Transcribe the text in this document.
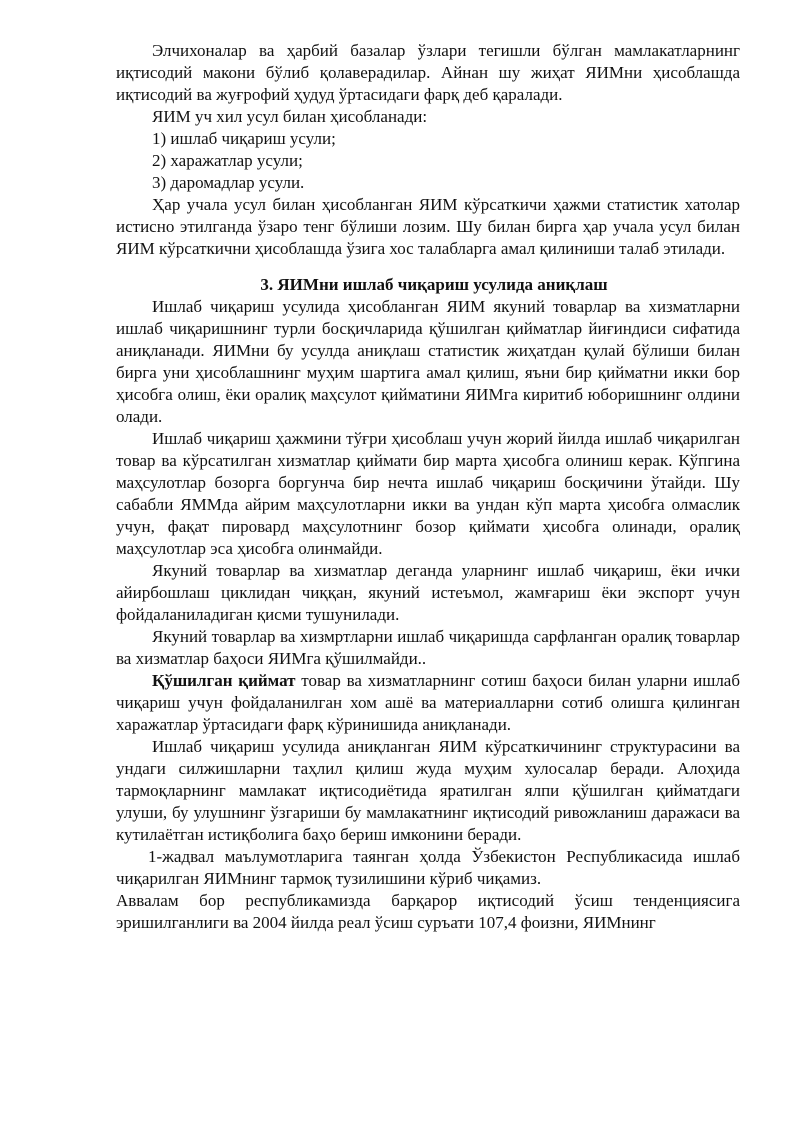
Элчихоналар ва ҳарбий базалар ўзлари тегишли бўлган мамлакатларнинг иқтисодий макони бўлиб қолаверадилар. Айнан шу жиҳат ЯИМни ҳисоблашда иқтисодий ва жуғрофий ҳудуд ўртасидаги фарқ деб қаралади.

ЯИМ уч хил усул билан ҳисобланади:

1) ишлаб чиқариш усули;

2) харажатлар усули;

3) даромадлар усули.

Ҳар учала усул билан ҳисобланган ЯИМ кўрсаткичи ҳажми статистик хатолар истисно этилганда ўзаро тенг бўлиши лозим. Шу билан бирга ҳар учала усул билан ЯИМ кўрсаткични ҳисоблашда ўзига хос талабларга амал қилиниши талаб этилади.

3. ЯИМни ишлаб чиқариш усулида аниқлаш

Ишлаб чиқариш усулида ҳисобланган ЯИМ якуний товарлар ва хизматларни ишлаб чиқаришнинг турли босқичларида қўшилган қийматлар йиғиндиси сифатида аниқланади. ЯИМни бу усулда аниқлаш статистик жиҳатдан қулай бўлиши билан бирга уни ҳисоблашнинг муҳим шартига амал қилиш, яъни бир қийматни икки бор ҳисобга олиш, ёки оралиқ маҳсулот қийматини ЯИМга киритиб юборишнинг олдини олади.

Ишлаб чиқариш ҳажмини тўғри ҳисоблаш учун жорий йилда ишлаб чиқарилган товар ва кўрсатилган хизматлар қиймати бир марта ҳисобга олиниш керак. Кўпгина маҳсулотлар бозорга боргунча бир нечта ишлаб чиқариш босқичини ўтайди. Шу сабабли ЯММда айрим маҳсулотларни икки ва ундан кўп марта ҳисобга олмаслик учун, фақат пировард маҳсулотнинг бозор қиймати ҳисобга олинади, оралиқ маҳсулотлар эса ҳисобга олинмайди.

Якуний товарлар ва хизматлар деганда уларнинг ишлаб чиқариш, ёки ички айирбошлаш циклидан чиққан, якуний истеъмол, жамғариш ёки экспорт учун фойдаланиладиган қисми тушунилади.

Якуний товарлар ва хизмртларни ишлаб чиқаришда сарфланган оралиқ товарлар ва хизматлар баҳоси ЯИМга қўшилмайди..

Қўшилган қиймат товар ва хизматларнинг сотиш баҳоси билан уларни ишлаб чиқариш учун фойдаланилган хом ашё ва материалларни сотиб олишга қилинган харажатлар ўртасидаги фарқ кўринишида аниқланади.

Ишлаб чиқариш усулида аниқланган ЯИМ кўрсаткичининг структурасини ва ундаги силжишларни таҳлил қилиш жуда муҳим хулосалар беради. Алоҳида тармоқларнинг мамлакат иқтисодиётида яратилган ялпи қўшилган қийматдаги улуши, бу улушнинг ўзгариши бу мамлакатнинг иқтисодий ривожланиш даражаси ва кутилаётган истиқболига баҳо бериш имконини беради.

1-жадвал маълумотларига таянган ҳолда Ўзбекистон Республикасида ишлаб чиқарилган ЯИМнинг тармоқ тузилишини кўриб чиқамиз.

Аввалам бор республикамизда барқарор иқтисодий ўсиш тенденциясига эришилганлиги ва 2004 йилда реал ўсиш суръати 107,4 фоизни, ЯИМнинг
